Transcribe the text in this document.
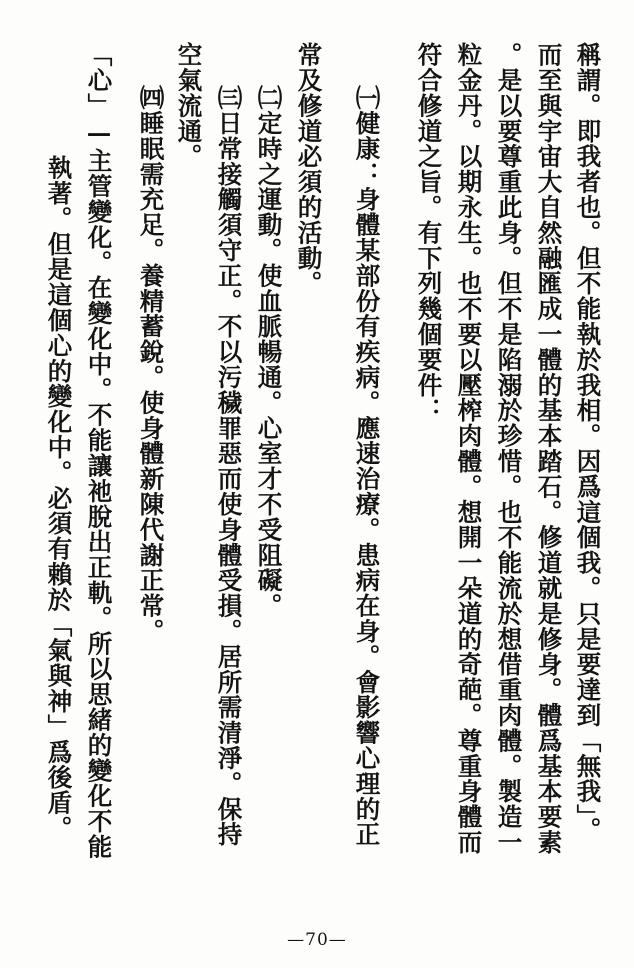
稱謂。即我者也。但不能執於我相。因爲這個我。只是要達到「無我」。
而至與宇宙大自然融匯成一體的基本踏石。修道就是修身。體爲基本要素
。是以要尊重此身。但不是陷溺於珍惜。也不能流於想借重肉體。製造一
粒金丹。以期永生。也不要以壓榨肉體。想開一朵道的奇葩。尊重身體而
符合修道之旨。有下列幾個要件：
㈠健康：身體某部份有疾病。應速治療。患病在身。會影響心理的正
常及修道必須的活動。
㈡定時之運動。使血脈暢通。心室才不受阻礙。
㈢日常接觸須守正。不以污穢罪惡而使身體受損。居所需清淨。保持
空氣流通。
㈣睡眠需充足。養精蓄銳。使身體新陳代謝正常。
「心」—主管變化。在變化中。不能讓祂脫出正軌。所以思緒的變化不能
執著。但是這個心的變化中。必須有賴於「氣與神」爲後盾。
—70—
